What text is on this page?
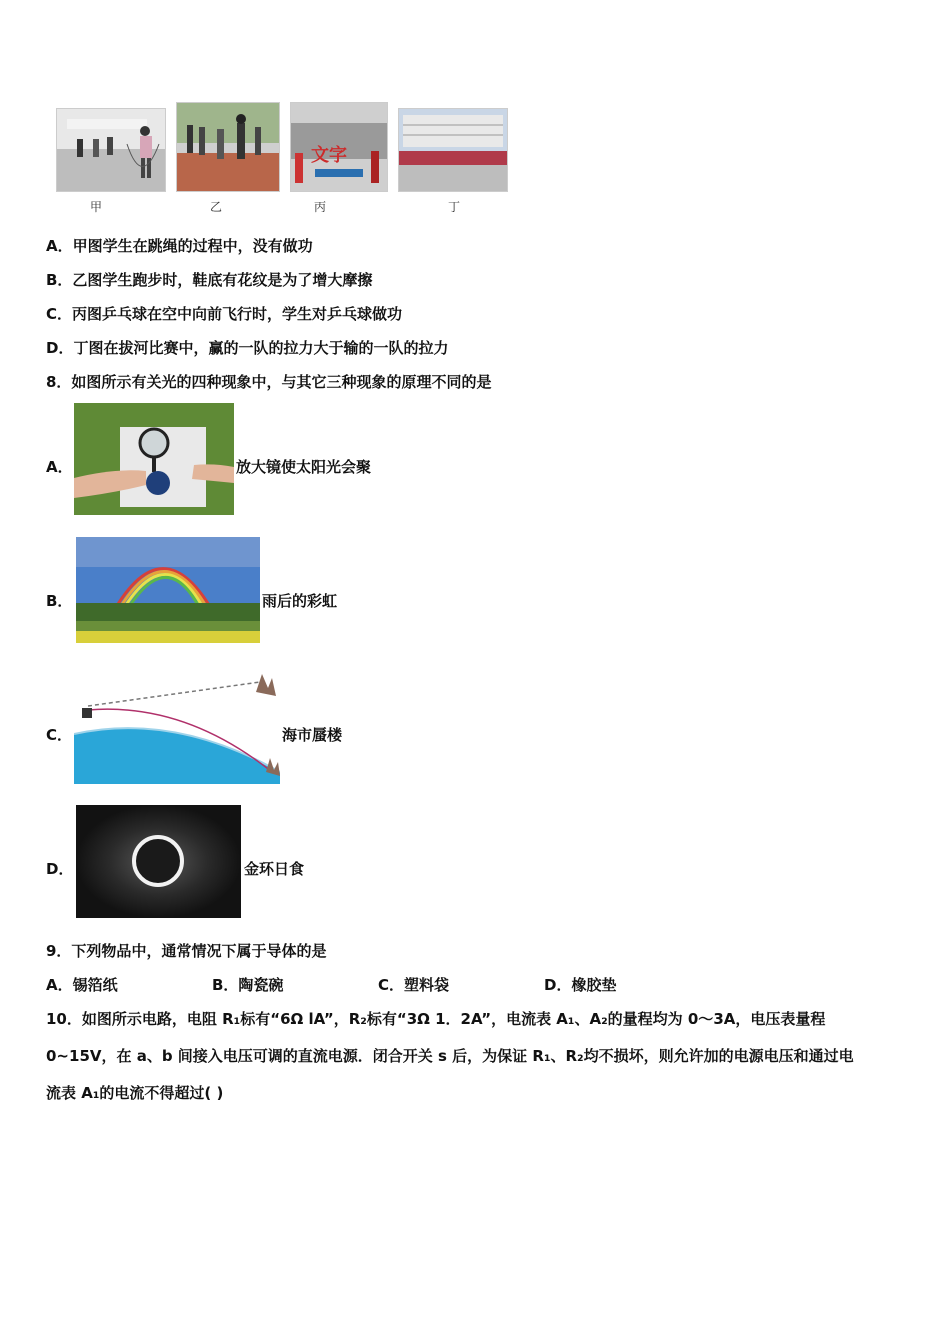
文字
甲	乙	丙	丁
A．甲图学生在跳绳的过程中，没有做功
B．乙图学生跑步时，鞋底有花纹是为了增大摩擦
C．丙图乒乓球在空中向前飞行时，学生对乒乓球做功
D．丁图在拔河比赛中，赢的一队的拉力大于输的一队的拉力
8．如图所示有关光的四种现象中，与其它三种现象的原理不同的是
A．	放大镜使太阳光会聚
B．	雨后的彩虹
C．	海市蜃楼
D．	金环日食
9．下列物品中，通常情况下属于导体的是
A．锡箔纸	B．陶瓷碗	C．塑料袋	D．橡胶垫
10．如图所示电路，电阻 R₁标有“6Ω lA”，R₂标有“3Ω 1．2A”，电流表 A₁、A₂的量程均为 0～3A，电压表量程
0~15V，在 a、b 间接入电压可调的直流电源．闭合开关 s 后，为保证 R₁、R₂均不损坏，则允许加的电源电压和通过电
流表 A₁的电流不得超过( )
